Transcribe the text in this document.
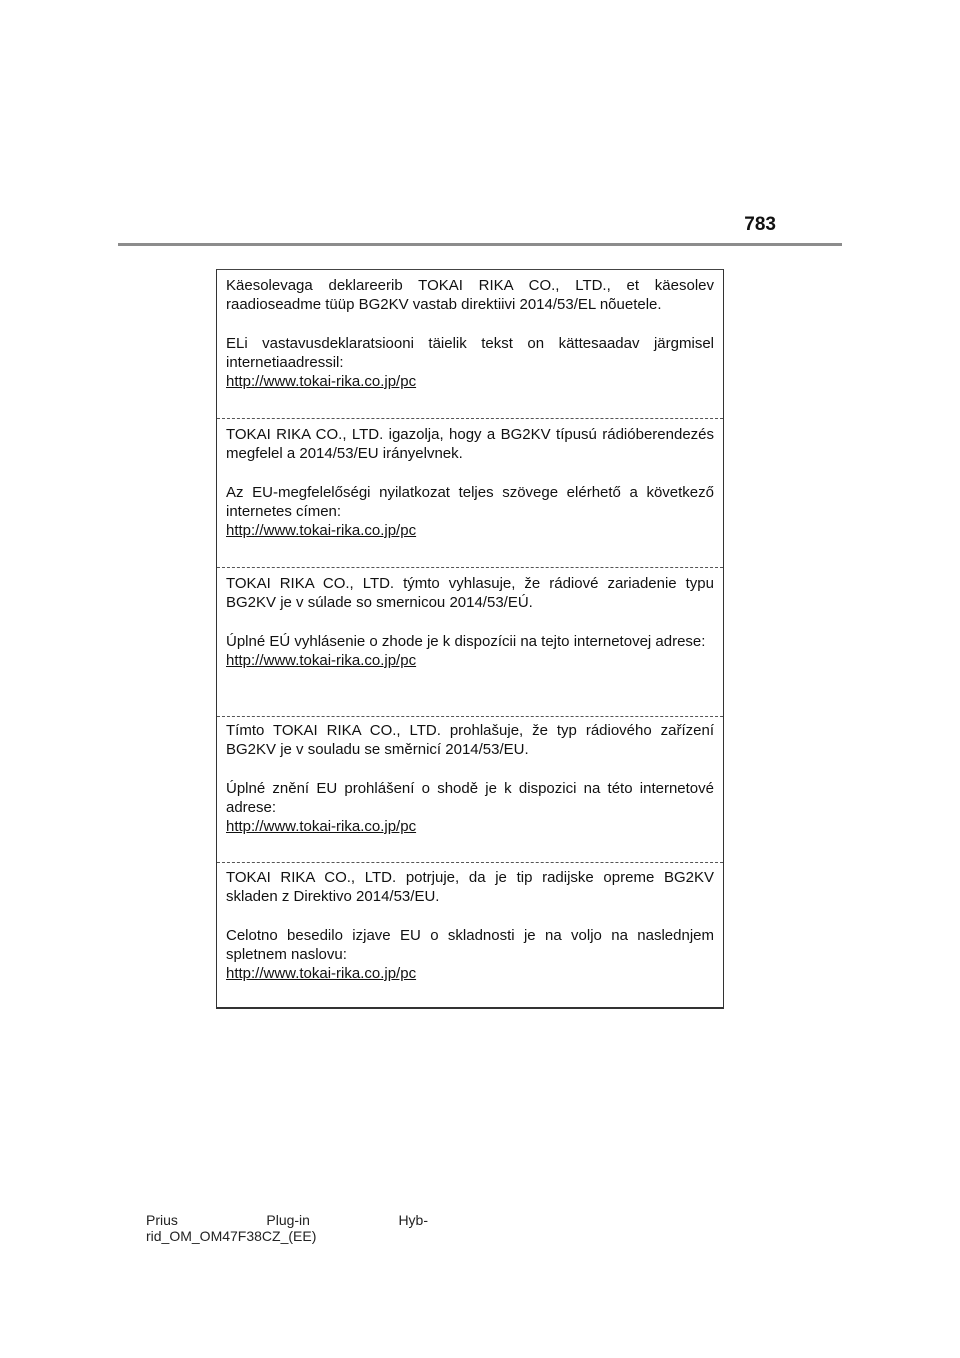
783

Käesolevaga deklareerib TOKAI RIKA CO., LTD., et käesolev raadioseadme tüüp BG2KV vastab direktiivi 2014/53/EL nõuetele.

ELi vastavusdeklaratsiooni täielik tekst on kättesaadav järgmisel internetiaadressil:
http://www.tokai-rika.co.jp/pc

TOKAI RIKA CO., LTD. igazolja, hogy a BG2KV típusú rádióberendezés megfelel a 2014/53/EU irányelvnek.

Az EU-megfelelőségi nyilatkozat teljes szövege elérhető a következő internetes címen:
http://www.tokai-rika.co.jp/pc

TOKAI RIKA CO., LTD. týmto vyhlasuje, že rádiové zariadenie typu BG2KV je v súlade so smernicou 2014/53/EÚ.

Úplné EÚ vyhlásenie o zhode je k dispozícii na tejto internetovej adrese:
http://www.tokai-rika.co.jp/pc

Tímto TOKAI RIKA CO., LTD. prohlašuje, že typ rádiového zařízení BG2KV je v souladu se směrnicí 2014/53/EU.

Úplné znění EU prohlášení o shodě je k dispozici na této internetové adrese:
http://www.tokai-rika.co.jp/pc

TOKAI RIKA CO., LTD. potrjuje, da je tip radijske opreme BG2KV skladen z Direktivo 2014/53/EU.

Celotno besedilo izjave EU o skladnosti je na voljo na naslednjem spletnem naslovu:
http://www.tokai-rika.co.jp/pc

Prius	Plug-in	Hyb-
rid_OM_OM47F38CZ_(EE)
